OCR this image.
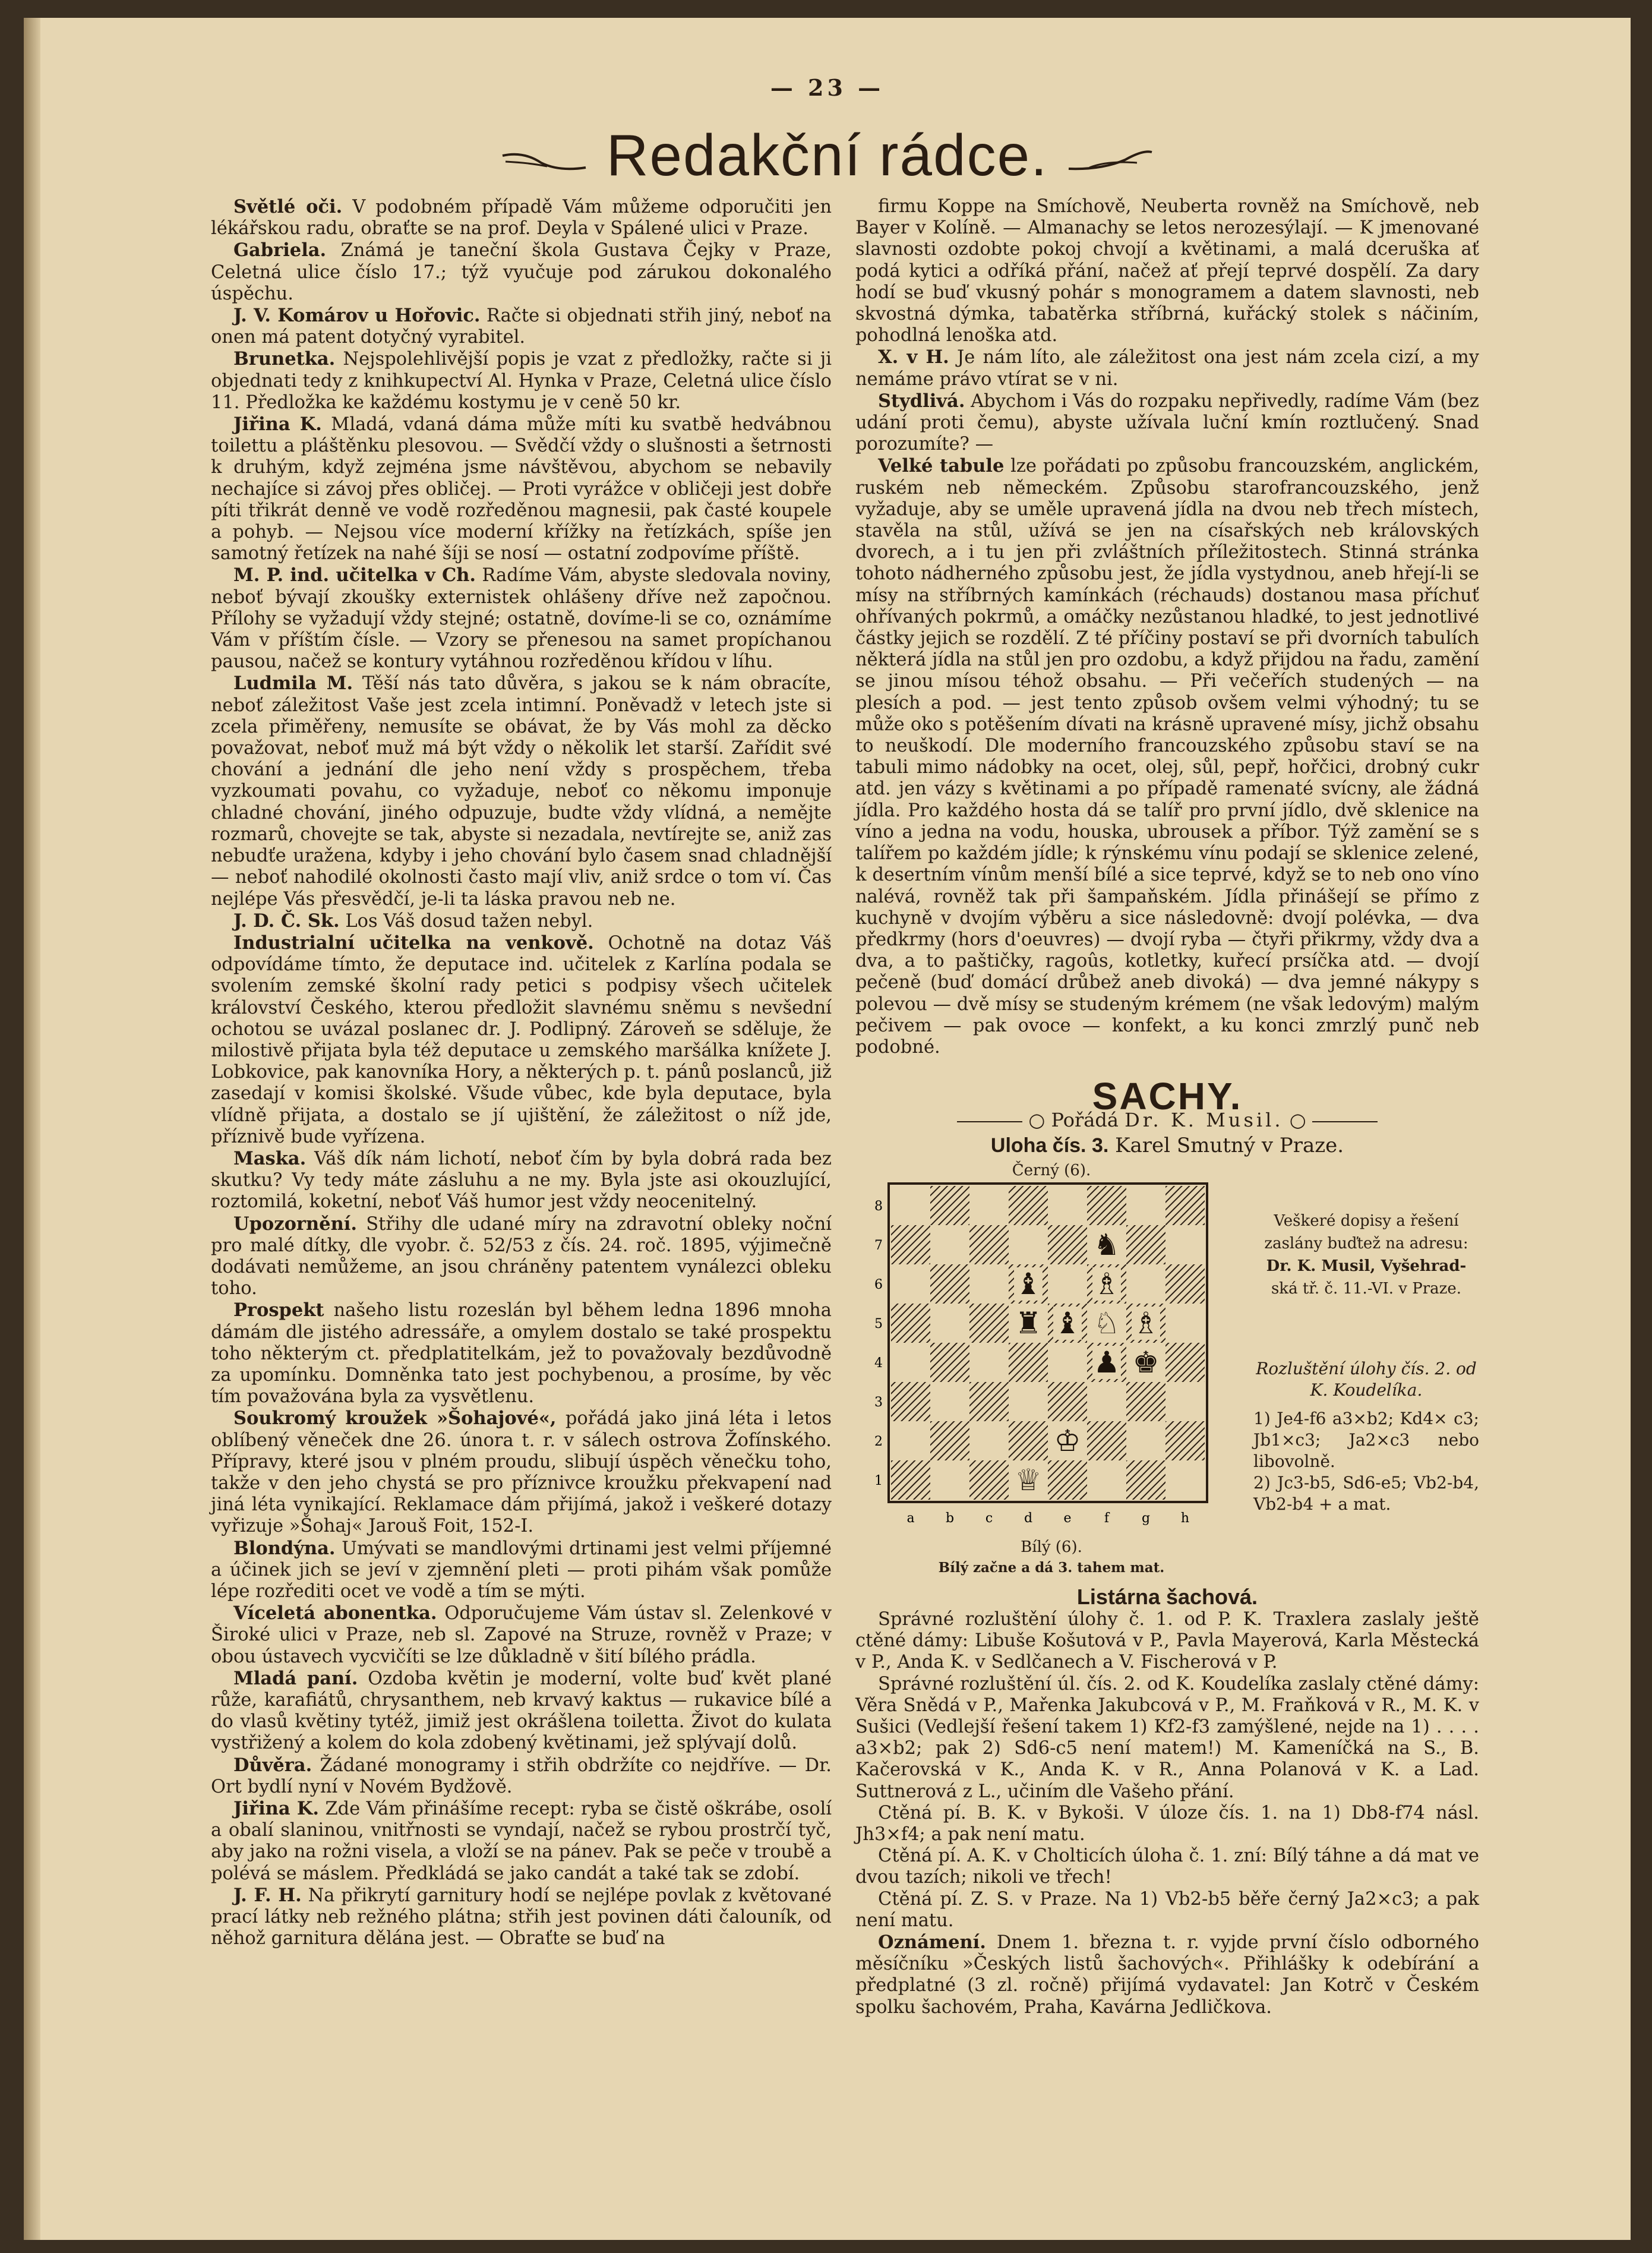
— 23 —
Redakční rádce.

Světlé oči. V podobném případě Vám můžeme odporučiti jen lékářskou radu, obraťte se na prof. Deyla v Spálené ulici v Praze.

Gabriela. Známá je taneční škola Gustava Čejky v Praze, Celetná ulice číslo 17.; týž vyučuje pod zárukou dokonalého úspěchu.

J. V. Komárov u Hořovic. Račte si objednati střih jiný, neboť na onen má patent dotyčný vyrabitel.

Brunetka. Nejspolehlivější popis je vzat z předložky, račte si ji objednati tedy z knihkupectví Al. Hynka v Praze, Celetná ulice číslo 11. Předložka ke každému kostymu je v ceně 50 kr.

Jiřina K. Mladá, vdaná dáma může míti ku svatbě hedvábnou toilettu a pláštěnku plesovou. — Svědčí vždy o slušnosti a šetrnosti k druhým, když zejména jsme návštěvou, abychom se nebavily nechajíce si závoj přes obličej. — Proti vyrážce v obličeji jest dobře píti třikrát denně ve vodě rozředěnou magnesii, pak časté koupele a pohyb. — Nejsou více moderní křížky na řetízkách, spíše jen samotný řetízek na nahé šíji se nosí — ostatní zodpovíme příště.

M. P. ind. učitelka v Ch. Radíme Vám, abyste sledovala noviny, neboť bývají zkoušky externistek ohlášeny dříve než započnou. Přílohy se vyžadují vždy stejné; ostatně, dovíme-li se co, oznámíme Vám v příštím čísle. — Vzory se přenesou na samet propíchanou pausou, načež se kontury vytáhnou rozředěnou křídou v líhu.

Ludmila M. Těší nás tato důvěra, s jakou se k nám obracíte, neboť záležitost Vaše jest zcela intimní. Poněvadž v letech jste si zcela přiměřeny, nemusíte se obávat, že by Vás mohl za děcko považovat, neboť muž má být vždy o několik let starší. Zařídit své chování a jednání dle jeho není vždy s prospěchem, třeba vyzkoumati povahu, co vyžaduje, neboť co někomu imponuje chladné chování, jiného odpuzuje, budte vždy vlídná, a nemějte rozmarů, chovejte se tak, abyste si nezadala, nevtírejte se, aniž zas nebudťe uražena, kdyby i jeho chování bylo časem snad chladnější — neboť nahodilé okolnosti často mají vliv, aniž srdce o tom ví. Čas nejlépe Vás přesvědčí, je-li ta láska pravou neb ne.

J. D. Č. Sk. Los Váš dosud tažen nebyl.

Industrialní učitelka na venkově. Ochotně na dotaz Váš odpovídáme tímto, že deputace ind. učitelek z Karlína podala se svolením zemské školní rady petici s podpisy všech učitelek království Českého, kterou předložit slavnému sněmu s nevšední ochotou se uvázal poslanec dr. J. Podlipný. Zároveň se sděluje, že milostivě přijata byla též deputace u zemského maršálka knížete J. Lobkovice, pak kanovníka Hory, a některých p. t. pánů poslanců, již zasedají v komisi školské. Všude vůbec, kde byla deputace, byla vlídně přijata, a dostalo se jí ujištění, že záležitost o níž jde, příznivě bude vyřízena.

Maska. Váš dík nám lichotí, neboť čím by byla dobrá rada bez skutku? Vy tedy máte zásluhu a ne my. Byla jste asi okouzlující, roztomilá, koketní, neboť Váš humor jest vždy neocenitelný.

Upozornění. Střihy dle udané míry na zdravotní obleky noční pro malé dítky, dle vyobr. č. 52/53 z čís. 24. roč. 1895, výjimečně dodávati nemůžeme, an jsou chráněny patentem vynálezci obleku toho.

Prospekt našeho listu rozeslán byl během ledna 1896 mnoha dámám dle jistého adressáře, a omylem dostalo se také prospektu toho některým ct. předplatitelkám, jež to považovaly bezdůvodně za upomínku. Domněnka tato jest pochybenou, a prosíme, by věc tím považována byla za vysvětlenu.

Soukromý kroužek »Šohajové«, pořádá jako jiná léta i letos oblíbený věneček dne 26. února t. r. v sálech ostrova Žofínského. Přípravy, které jsou v plném proudu, slibují úspěch věnečku toho, takže v den jeho chystá se pro příznivce kroužku překvapení nad jiná léta vynikající. Reklamace dám přijímá, jakož i veškeré dotazy vyřizuje »Šohaj« Jarouš Foit, 152-I.

Blondýna. Umývati se mandlovými drtinami jest velmi příjemné a účinek jich se jeví v zjemnění pleti — proti pihám však pomůže lépe rozřediti ocet ve vodě a tím se mýti.

Víceletá abonentka. Odporučujeme Vám ústav sl. Zelenkové v Široké ulici v Praze, neb sl. Zapové na Struze, rovněž v Praze; v obou ústavech vycvičíti se lze důkladně v šití bílého prádla.

Mladá paní. Ozdoba květin je moderní, volte buď květ plané růže, karafiátů, chrysanthem, neb krvavý kaktus — rukavice bílé a do vlasů květiny tytéž, jimiž jest okrášlena toiletta. Život do kulata vystřižený a kolem do kola zdobený květinami, jež splývají dolů.

Důvěra. Žádané monogramy i střih obdržíte co nejdříve. — Dr. Ort bydlí nyní v Novém Bydžově.

Jiřina K. Zde Vám přinášíme recept: ryba se čistě oškrábe, osolí a obalí slaninou, vnitřnosti se vyndají, načež se rybou prostrčí tyč, aby jako na rožni visela, a vloží se na pánev. Pak se peče v troubě a polévá se máslem. Předkládá se jako candát a také tak se zdobí.

J. F. H. Na přikrytí garnitury hodí se nejlépe povlak z květované prací látky neb režného plátna; střih jest povinen dáti čalouník, od něhož garnitura dělána jest. — Obraťte se buď na

firmu Koppe na Smíchově, Neuberta rovněž na Smíchově, neb Bayer v Kolíně. — Almanachy se letos nerozesýlají. — K jmenované slavnosti ozdobte pokoj chvojí a květinami, a malá dceruška ať podá kytici a odříká přání, načež ať přejí teprvé dospělí. Za dary hodí se buď vkusný pohár s monogramem a datem slavnosti, neb skvostná dýmka, tabatěrka stříbrná, kuřácký stolek s náčiním, pohodlná lenoška atd.

X. v H. Je nám líto, ale záležitost ona jest nám zcela cizí, a my nemáme právo vtírat se v ni.

Stydlivá. Abychom i Vás do rozpaku nepřivedly, radíme Vám (bez udání proti čemu), abyste užívala luční kmín roztlučený. Snad porozumíte? —

Velké tabule lze pořádati po způsobu francouzském, anglickém, ruském neb německém. Způsobu starofrancouzského, jenž vyžaduje, aby se uměle upravená jídla na dvou neb třech místech, stavěla na stůl, užívá se jen na císařských neb královských dvorech, a i tu jen při zvláštních příležitostech. Stinná stránka tohoto nádherného způsobu jest, že jídla vystydnou, aneb hřejí-li se mísy na stříbrných kamínkách (réchauds) dostanou masa příchuť ohřívaných pokrmů, a omáčky nezůstanou hladké, to jest jednotlivé částky jejich se rozdělí. Z té příčiny postaví se při dvorních tabulích některá jídla na stůl jen pro ozdobu, a když přijdou na řadu, zamění se jinou mísou téhož obsahu. — Při večeřích studených — na plesích a pod. — jest tento způsob ovšem velmi výhodný; tu se může oko s potěšením dívati na krásně upravené mísy, jichž obsahu to neuškodí. Dle moderního francouzského způsobu staví se na tabuli mimo nádobky na ocet, olej, sůl, pepř, hořčici, drobný cukr atd. jen vázy s květinami a po případě ramenaté svícny, ale žádná jídla. Pro každého hosta dá se talíř pro první jídlo, dvě sklenice na víno a jedna na vodu, houska, ubrousek a příbor. Týž zamění se s talířem po každém jídle; k rýnskému vínu podají se sklenice zelené, k desertním vínům menší bílé a sice teprvé, když se to neb ono víno nalévá, rovněž tak při šampaňském. Jídla přinášejí se přímo z kuchyně v dvojím výběru a sice následovně: dvojí polévka, — dva předkrmy (hors d'oeuvres) — dvojí ryba — čtyři přikrmy, vždy dva a dva, a to paštičky, ragoûs, kotletky, kuřecí prsíčka atd. — dvojí pečeně (buď domácí drůbež aneb divoká) — dva jemné nákypy s polevou — dvě mísy se studeným krémem (ne však ledovým) malým pečivem — pak ovoce — konfekt, a ku konci zmrzlý punč neb podobné.

SACHY.
○ Pořádá Dr. K. Musil. ○
Uloha čís. 3. Karel Smutný v Praze.
Černý (6).
8
7
6
5
4
3
2
1
a b c d e	f g h
♞
♝ ♗
♜ ♝ ♘ ♗
♟ ♚
♔
♕
Bílý (6).
Bílý začne a dá 3. tahem mat.
Veškeré dopisy a řešení
zaslány buďtež na adresu:
Dr. K. Musil, Vyšehrad-
ská tř. č. 11.-VI. v Praze.
Rozluštění úlohy čís. 2. od K. Koudelíka.
1) Je4-f6 a3×b2; Kd4× c3; Jb1×c3; Ja2×c3 nebo libovolně.
2) Jc3-b5, Sd6-e5; Vb2-b4, Vb2-b4 + a mat.
Listárna šachová.

Správné rozluštění úlohy č. 1. od P. K. Traxlera zaslaly ještě ctěné dámy: Libuše Košutová v P., Pavla Mayerová, Karla Městecká v P., Anda K. v Sedlčanech a V. Fischerová v P.

Správné rozluštění úl. čís. 2. od K. Koudelíka zaslaly ctěné dámy: Věra Snědá v P., Mařenka Jakubcová v P., M. Fraňková v R., M. K. v Sušici (Vedlejší řešení takem 1) Kf2-f3 zamýšlené, nejde na 1) . . . . a3×b2; pak 2) Sd6-c5 není matem!) M. Kameníčká na S., B. Kačerovská v K., Anda K. v R., Anna Polanová v K. a Lad. Suttnerová z L., učiním dle Vašeho přání.

Ctěná pí. B. K. v Bykoši. V úloze čís. 1. na 1) Db8-f74 násl. Jh3×f4; a pak není matu.

Ctěná pí. A. K. v Cholticích úloha č. 1. zní: Bílý táhne a dá mat ve dvou tazích; nikoli ve třech!

Ctěná pí. Z. S. v Praze. Na 1) Vb2-b5 běře černý Ja2×c3; a pak není matu.

Oznámení. Dnem 1. března t. r. vyjde první číslo odborného měsíčníku »Českých listů šachových«. Přihlášky k odebírání a předplatné (3 zl. ročně) přijímá vydavatel: Jan Kotrč v Českém spolku šachovém, Praha, Kavárna Jedličkova.
